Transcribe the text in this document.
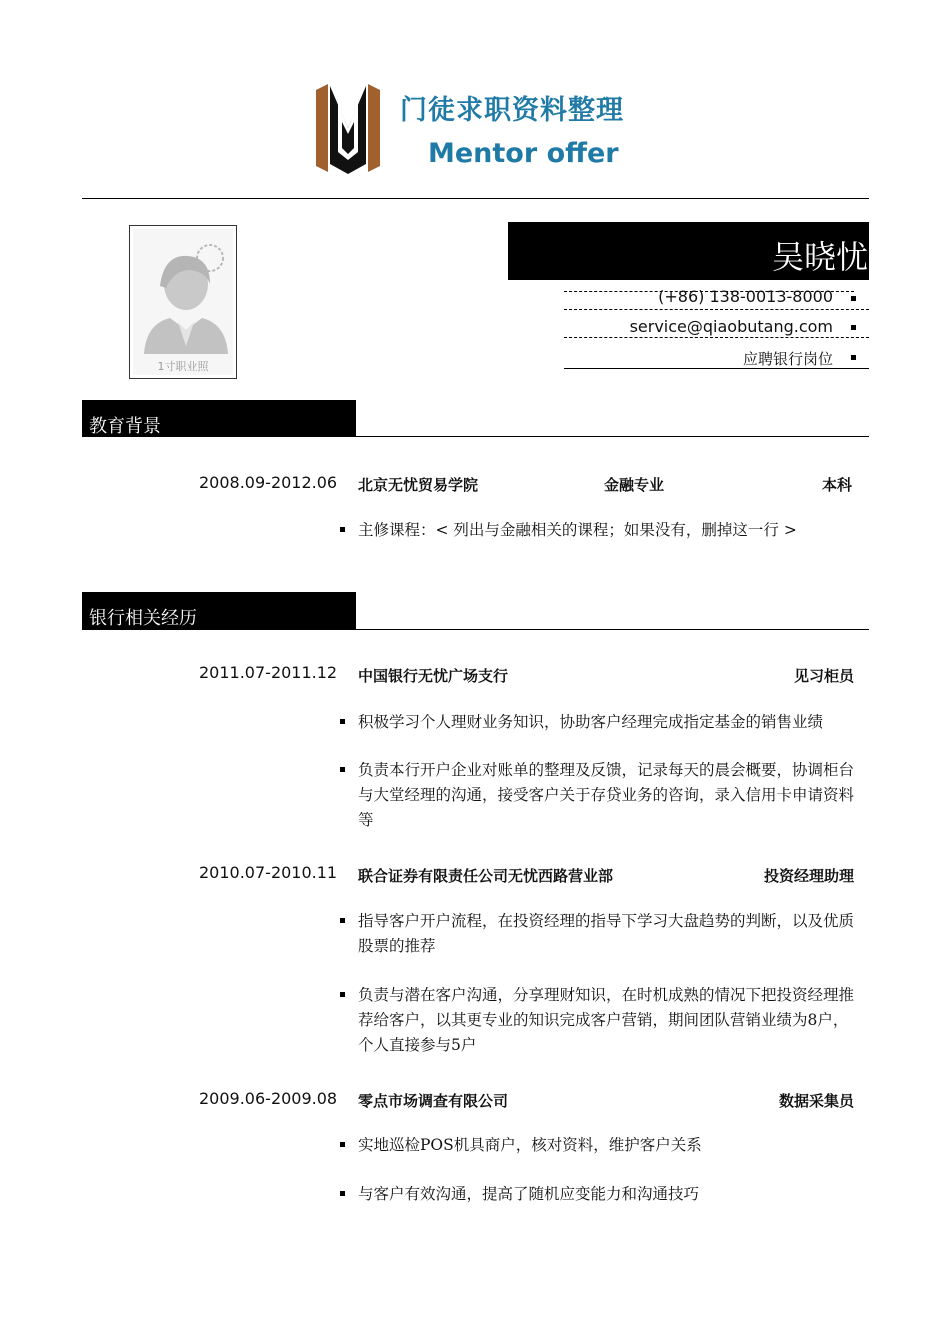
门徒求职资料整理
Mentor offer
1寸职业照
吴晓忧
(+86) 138-0013-8000
service@qiaobutang.com
应聘银行岗位
教育背景
2008.09-2012.06 北京无忧贸易学院	金融专业	本科
主修课程：< 列出与金融相关的课程；如果没有，删掉这一行 >
银行相关经历
2011.07-2011.12 中国银行无忧广场支行	见习柜员
积极学习个人理财业务知识，协助客户经理完成指定基金的销售业绩
负责本行开户企业对账单的整理及反馈，记录每天的晨会概要，协调柜台与大堂经理的沟通，接受客户关于存贷业务的咨询，录入信用卡申请资料等
2010.07-2010.11 联合证券有限责任公司无忧西路营业部	投资经理助理
指导客户开户流程，在投资经理的指导下学习大盘趋势的判断，以及优质股票的推荐
负责与潜在客户沟通，分享理财知识，在时机成熟的情况下把投资经理推荐给客户，以其更专业的知识完成客户营销，期间团队营销业绩为8户，个人直接参与5户
2009.06-2009.08 零点市场调查有限公司	数据采集员
实地巡检POS机具商户，核对资料，维护客户关系
与客户有效沟通，提高了随机应变能力和沟通技巧
